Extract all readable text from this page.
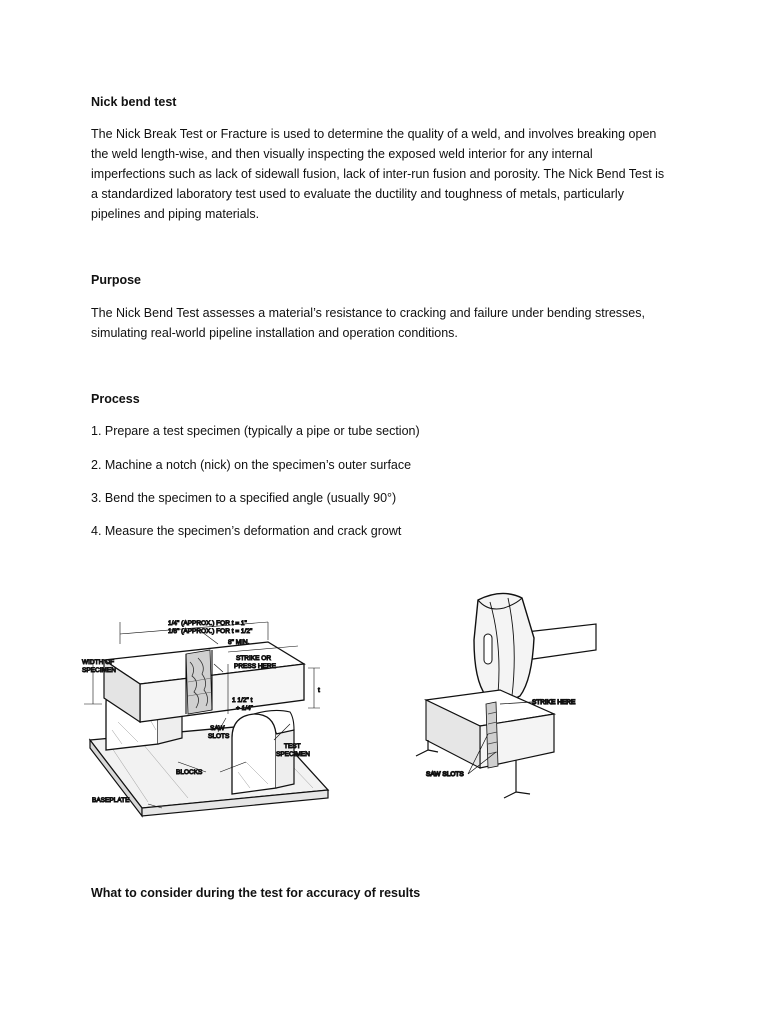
Nick bend test

The Nick Break Test or Fracture is used to determine the quality of a weld, and involves breaking open
the weld length-wise, and then visually inspecting the exposed weld interior for any internal
imperfections such as lack of sidewall fusion, lack of inter-run fusion and porosity. The Nick Bend Test is
a standardized laboratory test used to evaluate the ductility and toughness of metals, particularly
pipelines and piping materials.

Purpose

The Nick Bend Test assesses a material’s resistance to cracking and failure under bending stresses,
simulating real-world pipeline installation and operation conditions.

Process

1. Prepare a test specimen (typically a pipe or tube section)

2. Machine a notch (nick) on the specimen’s outer surface

3. Bend the specimen to a specified angle (usually 90°)

4. Measure the specimen’s deformation and crack growt

1/4" (APPROX.) FOR t = 1"
1/8" (APPROX.) FOR t = 1/2"
8" MIN.
WIDTH OF
SPECIMEN
STRIKE OR
PRESS HERE
t
1 1/2" t
+ 1/4"
SAW
SLOTS
TEST
SPECIMEN
BLOCKS
BASEPLATE
STRIKE HERE
SAW SLOTS

What to consider during the test for accuracy of results
